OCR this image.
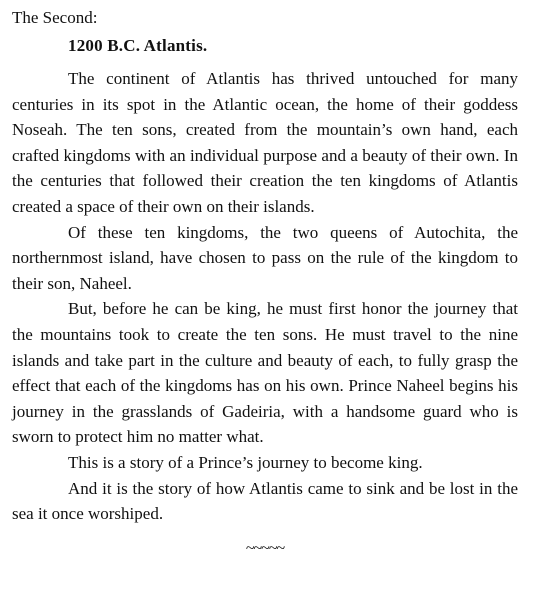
The Second:

1200 B.C. Atlantis.

The continent of Atlantis has thrived untouched for many centuries in its spot in the Atlantic ocean, the home of their goddess Noseah. The ten sons, created from the mountain’s own hand, each crafted kingdoms with an individual purpose and a beauty of their own. In the centuries that followed their creation the ten kingdoms of Atlantis created a space of their own on their islands.

Of these ten kingdoms, the two queens of Autochita, the northernmost island, have chosen to pass on the rule of the kingdom to their son, Naheel.

But, before he can be king, he must first honor the journey that the mountains took to create the ten sons. He must travel to the nine islands and take part in the culture and beauty of each, to fully grasp the effect that each of the kingdoms has on his own. Prince Naheel begins his journey in the grasslands of Gadeiria, with a handsome guard who is sworn to protect him no matter what.

This is a story of a Prince’s journey to become king.

And it is the story of how Atlantis came to sink and be lost in the sea it once worshiped.

~~~~~
